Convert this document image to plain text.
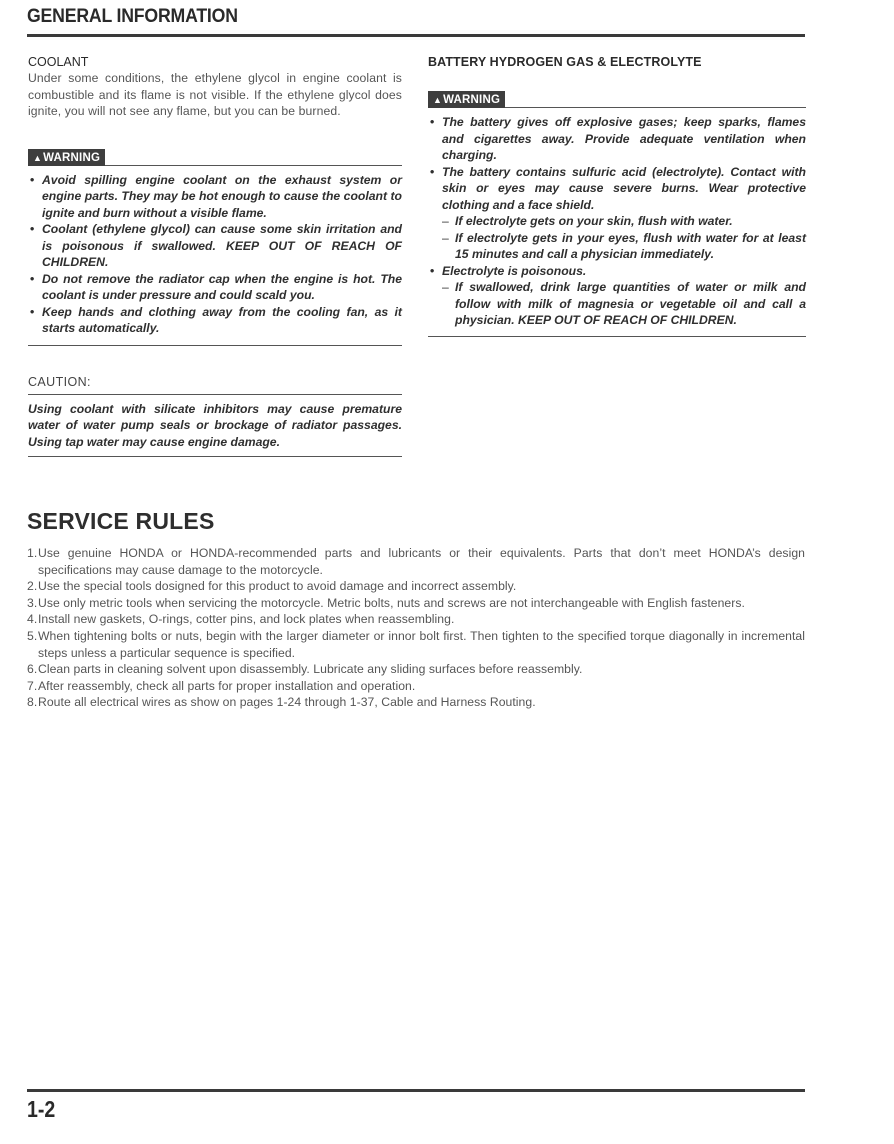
GENERAL INFORMATION
COOLANT

Under some conditions, the ethylene glycol in engine coolant is combustible and its flame is not visible. If the ethylene glycol does ignite, you will not see any flame, but you can be burned.

▲WARNING
• Avoid spilling engine coolant on the exhaust system or engine parts. They may be hot enough to cause the coolant to ignite and burn without a visible flame.
• Coolant (ethylene glycol) can cause some skin irritation and is poisonous if swallowed. KEEP OUT OF REACH OF CHILDREN.
• Do not remove the radiator cap when the engine is hot. The coolant is under pressure and could scald you.
• Keep hands and clothing away from the cooling fan, as it starts automatically.
CAUTION:

Using coolant with silicate inhibitors may cause premature water of water pump seals or brockage of radiator passages. Using tap water may cause engine damage.

BATTERY HYDROGEN GAS & ELECTROLYTE
▲WARNING
• The battery gives off explosive gases; keep sparks, flames and cigarettes away. Provide adequate ventilation when charging.
• The battery contains sulfuric acid (electrolyte). Contact with skin or eyes may cause severe burns. Wear protective clothing and a face shield.
– If electrolyte gets on your skin, flush with water.
– If electrolyte gets in your eyes, flush with water for at least 15 minutes and call a physician immediately.
• Electrolyte is poisonous.
– If swallowed, drink large quantities of water or milk and follow with milk of magnesia or vegetable oil and call a physician. KEEP OUT OF REACH OF CHILDREN.
SERVICE RULES
1. Use genuine HONDA or HONDA-recommended parts and lubricants or their equivalents. Parts that don’t meet HONDA’s design specifications may cause damage to the motorcycle.
2. Use the special tools dosigned for this product to avoid damage and incorrect assembly.
3. Use only metric tools when servicing the motorcycle. Metric bolts, nuts and screws are not interchangeable with English fasteners.
4. Install new gaskets, O-rings, cotter pins, and lock plates when reassembling.
5. When tightening bolts or nuts, begin with the larger diameter or innor bolt first. Then tighten to the specified torque diagonally in incremental steps unless a particular sequence is specified.
6. Clean parts in cleaning solvent upon disassembly. Lubricate any sliding surfaces before reassembly.
7. After reassembly, check all parts for proper installation and operation.
8. Route all electrical wires as show on pages 1-24 through 1-37, Cable and Harness Routing.
1-2
